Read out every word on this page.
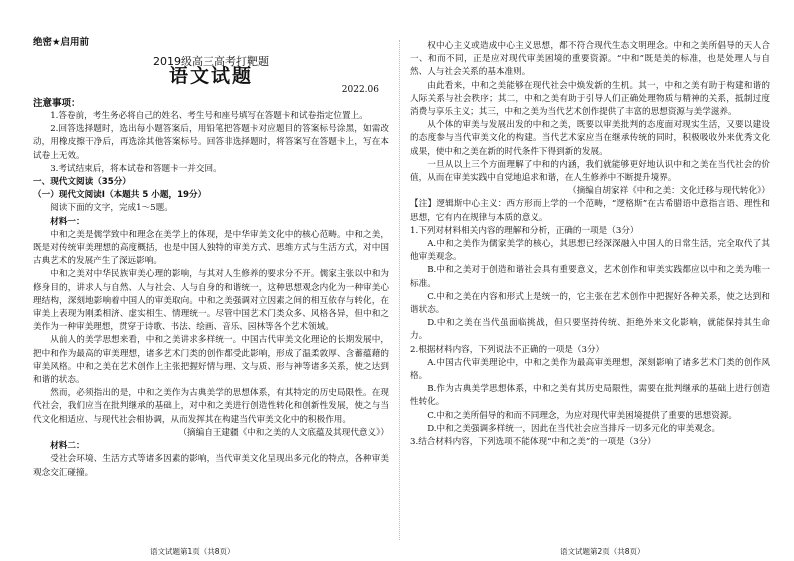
绝密★启用前

2019级高三高考打靶题

语文试题

2022.06

注意事项：

1.答卷前，考生务必将自己的姓名、考生号和座号填写在答题卡和试卷指定位置上。

2.回答选择题时，选出每小题答案后，用铅笔把答题卡对应题目的答案标号涂黑，如需改动，用橡皮擦干净后，再选涂其他答案标号。回答非选择题时，将答案写在答题卡上，写在本试卷上无效。

3.考试结束后，将本试卷和答题卡一并交回。

一、现代文阅读（35分）

（一）现代文阅读Ⅰ（本题共 5 小题，19分）

阅读下面的文字，完成1～5题。

材料一：

中和之美是儒学致中和理念在美学上的体现，是中华审美文化中的核心范畴。中和之美，既是对传统审美理想的高度概括，也是中国人独特的审美方式、思维方式与生活方式，对中国古典艺术的发展产生了深远影响。

中和之美对中华民族审美心理的影响，与其对人生修养的要求分不开。儒家主张以中和为修身目的，讲求人与自然、人与社会、人与自身的和谐统一，这种思想观念内化为一种审美心理结构，深刻地影响着中国人的审美取向。中和之美强调对立因素之间的相互依存与转化，在审美上表现为刚柔相济、虚实相生、情理统一。尽管中国艺术门类众多、风格各异，但中和之美作为一种审美理想，贯穿于诗歌、书法、绘画、音乐、园林等各个艺术领域。

从前人的美学思想来看，中和之美讲求多样统一。中国古代审美文化理论的长期发展中，把中和作为最高的审美理想，诸多艺术门类的创作都受此影响，形成了温柔敦厚、含蓄蕴藉的审美风格。中和之美在艺术创作上主张把握好情与理、文与质、形与神等诸多关系，使之达到和谐的状态。

然而，必须指出的是，中和之美作为古典美学的思想体系，有其特定的历史局限性。在现代社会，我们应当在批判继承的基础上，对中和之美进行创造性转化和创新性发展，使之与当代文化相适应、与现代社会相协调，从而发挥其在构建当代审美文化中的积极作用。

（摘编自王建疆《中和之美的人文底蕴及其现代意义》）

材料二：

受社会环境、生活方式等诸多因素的影响，当代审美文化呈现出多元化的特点，各种审美观念交汇碰撞。

权中心主义或造成中心主义思想，都不符合现代生态文明理念。中和之美所倡导的天人合一、和而不同，正是应对现代审美困境的重要资源。“中和”既是美的标准，也是处理人与自然、人与社会关系的基本准则。

由此看来，中和之美能够在现代社会中焕发新的生机。其一，中和之美有助于构建和谐的人际关系与社会秩序；其二，中和之美有助于引导人们正确处理物质与精神的关系，抵制过度消费与享乐主义；其三，中和之美为当代艺术创作提供了丰富的思想资源与美学滋养。

从个体的审美与发展出发的中和之美，既要以审美批判的态度面对现实生活，又要以建设的态度参与当代审美文化的构建。当代艺术家应当在继承传统的同时，积极吸收外来优秀文化成果，使中和之美在新的时代条件下得到新的发展。

一旦从以上三个方面理解了中和的内涵，我们就能够更好地认识中和之美在当代社会的价值，从而在审美实践中自觉地追求和谐，在人生修养中不断提升境界。

（摘编自胡家祥《中和之美：文化迁移与现代转化》）

【注】逻辑斯中心主义：西方形而上学的一个范畴，“逻格斯”在古希腊语中意指言语、理性和思想，它有内在规律与本质的意义。

1.下列对材料相关内容的理解和分析，正确的一项是（3分）

A.中和之美作为儒家美学的核心，其思想已经深深融入中国人的日常生活，完全取代了其他审美观念。

B.中和之美对于创造和谐社会具有重要意义，艺术创作和审美实践都应以中和之美为唯一标准。

C.中和之美在内容和形式上是统一的，它主张在艺术创作中把握好各种关系，使之达到和谐状态。

D.中和之美在当代虽面临挑战，但只要坚持传统、拒绝外来文化影响，就能保持其生命力。

2.根据材料内容，下列说法不正确的一项是（3分）

A.中国古代审美理论中，中和之美作为最高审美理想，深刻影响了诸多艺术门类的创作风格。

B.作为古典美学思想体系，中和之美有其历史局限性，需要在批判继承的基础上进行创造性转化。

C.中和之美所倡导的和而不同理念，为应对现代审美困境提供了重要的思想资源。

D.中和之美强调多样统一，因此在当代社会应当排斥一切多元化的审美观念。

3.结合材料内容，下列选项不能体现“中和之美”的一项是（3分）

语文试题第1页（共8页）	语文试题第2页（共8页）
